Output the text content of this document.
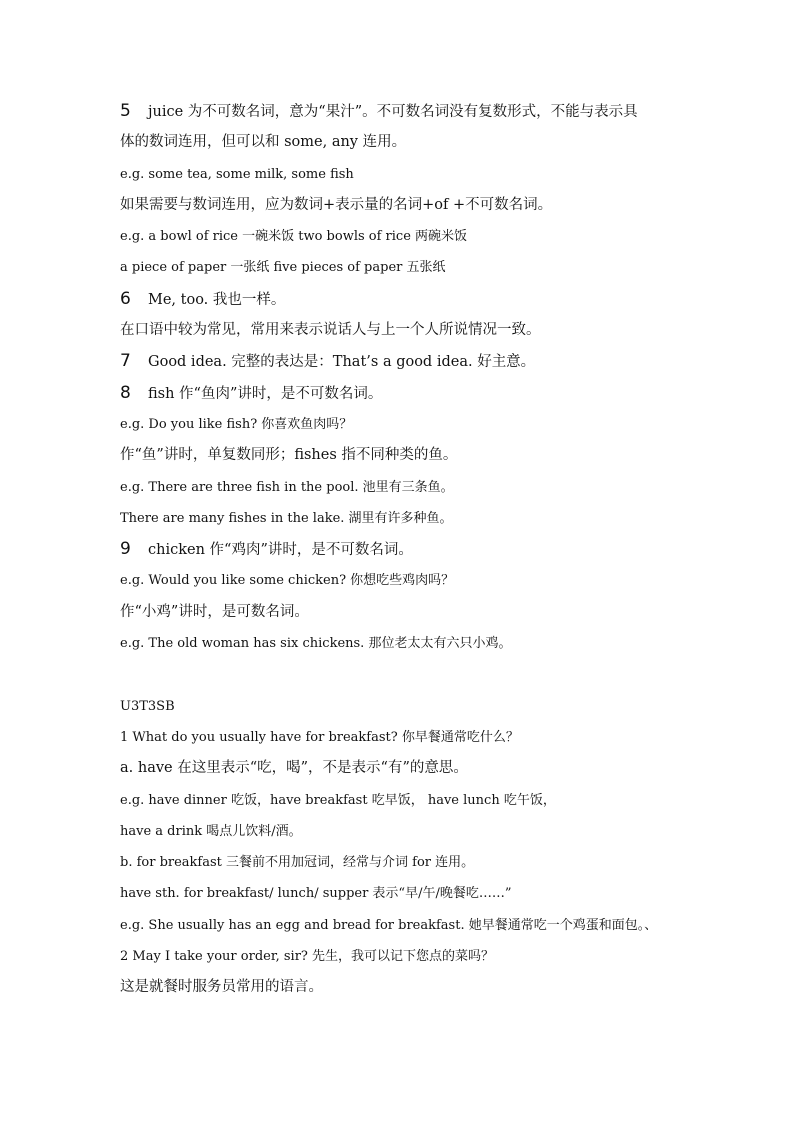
5 juice 为不可数名词，意为“果汁”。不可数名词没有复数形式，不能与表示具
体的数词连用，但可以和 some, any 连用。
e.g. some tea, some milk, some fish
如果需要与数词连用，应为数词+表示量的名词+of +不可数名词。
e.g. a bowl of rice 一碗米饭 two bowls of rice 两碗米饭
a piece of paper 一张纸 five pieces of paper 五张纸
6 Me, too. 我也一样。
在口语中较为常见，常用来表示说话人与上一个人所说情况一致。
7 Good idea. 完整的表达是：That’s a good idea. 好主意。
8 fish 作“鱼肉”讲时，是不可数名词。
e.g. Do you like fish? 你喜欢鱼肉吗？
作“鱼”讲时，单复数同形；fishes 指不同种类的鱼。
e.g. There are three fish in the pool. 池里有三条鱼。
There are many fishes in the lake. 湖里有许多种鱼。
9 chicken 作“鸡肉”讲时，是不可数名词。
e.g. Would you like some chicken? 你想吃些鸡肉吗？
作“小鸡”讲时，是可数名词。
e.g. The old woman has six chickens. 那位老太太有六只小鸡。
U3T3SB
1 What do you usually have for breakfast? 你早餐通常吃什么？
a. have 在这里表示“吃，喝”，不是表示“有”的意思。
e.g. have dinner 吃饭，have breakfast 吃早饭， have lunch 吃午饭，
have a drink 喝点儿饮料/酒。
b. for breakfast 三餐前不用加冠词，经常与介词 for 连用。
have sth. for breakfast/ lunch/ supper 表示“早/午/晚餐吃……”
e.g. She usually has an egg and bread for breakfast. 她早餐通常吃一个鸡蛋和面包。、
2 May I take your order, sir? 先生，我可以记下您点的菜吗？
这是就餐时服务员常用的语言。
